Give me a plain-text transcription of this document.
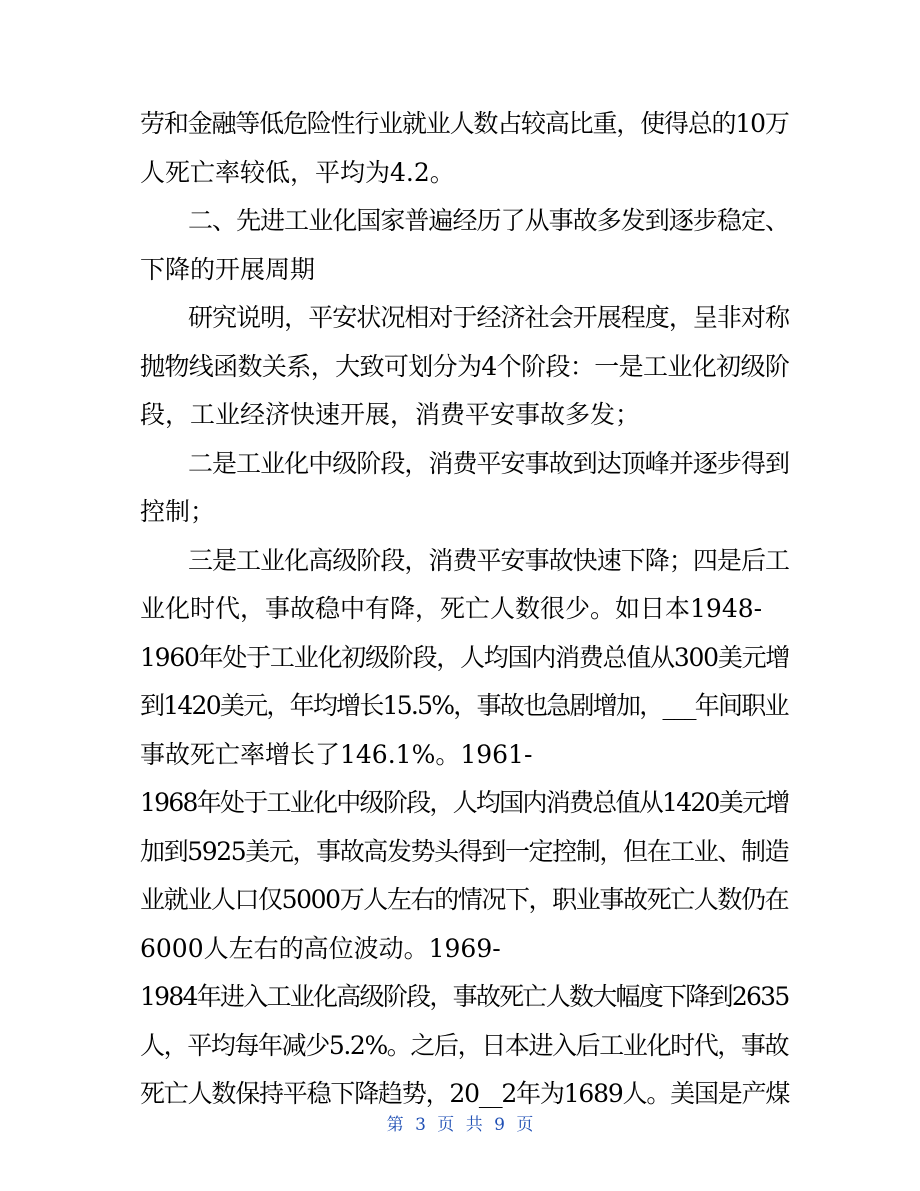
劳和金融等低危险性行业就业人数占较高比重，使得总的10万
人死亡率较低，平均为4.2。
二、先进工业化国家普遍经历了从事故多发到逐步稳定、
下降的开展周期
研究说明，平安状况相对于经济社会开展程度，呈非对称
抛物线函数关系，大致可划分为4个阶段：一是工业化初级阶
段，工业经济快速开展，消费平安事故多发；
二是工业化中级阶段，消费平安事故到达顶峰并逐步得到
控制；
三是工业化高级阶段，消费平安事故快速下降；四是后工
业化时代，事故稳中有降，死亡人数很少。如日本1948-
1960年处于工业化初级阶段，人均国内消费总值从300美元增
到1420美元，年均增长15.5%，事故也急剧增加，___年间职业
事故死亡率增长了146.1%。1961-
1968年处于工业化中级阶段，人均国内消费总值从1420美元增
加到5925美元，事故高发势头得到一定控制，但在工业、制造
业就业人口仅5000万人左右的情况下，职业事故死亡人数仍在
6000人左右的高位波动。1969-
1984年进入工业化高级阶段，事故死亡人数大幅度下降到2635
人，平均每年减少5.2%。之后，日本进入后工业化时代，事故
死亡人数保持平稳下降趋势，20__2年为1689人。美国是产煤
第 3 页 共 9 页
